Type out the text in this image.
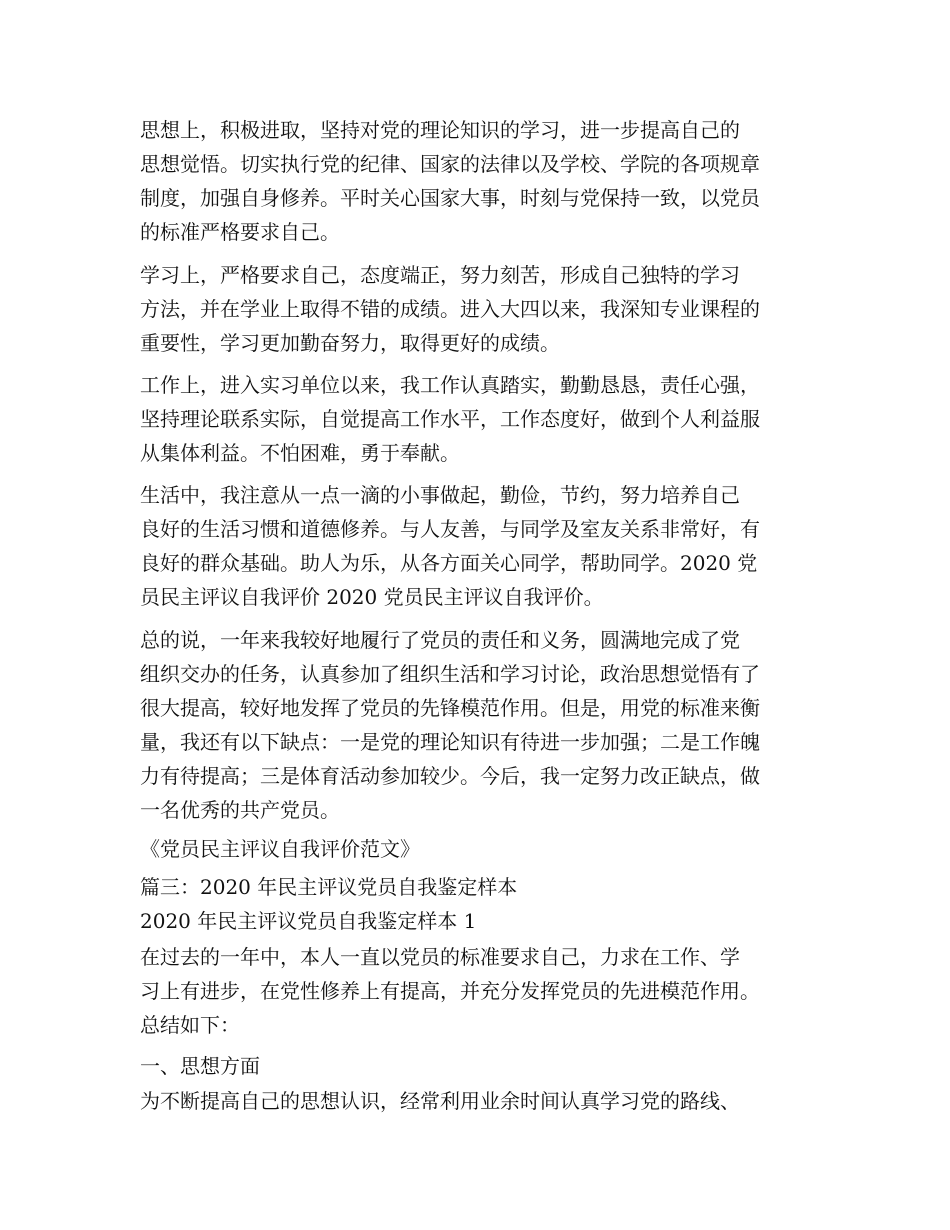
思想上，积极进取，坚持对党的理论知识的学习，进一步提高自己的
思想觉悟。切实执行党的纪律、国家的法律以及学校、学院的各项规章
制度，加强自身修养。平时关心国家大事，时刻与党保持一致，以党员
的标准严格要求自己。
学习上，严格要求自己，态度端正，努力刻苦，形成自己独特的学习
方法，并在学业上取得不错的成绩。进入大四以来，我深知专业课程的
重要性，学习更加勤奋努力，取得更好的成绩。
工作上，进入实习单位以来，我工作认真踏实，勤勤恳恳，责任心强，
坚持理论联系实际，自觉提高工作水平，工作态度好，做到个人利益服
从集体利益。不怕困难，勇于奉献。
生活中，我注意从一点一滴的小事做起，勤俭，节约，努力培养自己
良好的生活习惯和道德修养。与人友善，与同学及室友关系非常好，有
良好的群众基础。助人为乐，从各方面关心同学，帮助同学。2020 党
员民主评议自我评价 2020 党员民主评议自我评价。
总的说，一年来我较好地履行了党员的责任和义务，圆满地完成了党
组织交办的任务，认真参加了组织生活和学习讨论，政治思想觉悟有了
很大提高，较好地发挥了党员的先锋模范作用。但是，用党的标准来衡
量，我还有以下缺点：一是党的理论知识有待进一步加强；二是工作魄
力有待提高；三是体育活动参加较少。今后，我一定努力改正缺点，做
一名优秀的共产党员。
《党员民主评议自我评价范文》
篇三：2020 年民主评议党员自我鉴定样本
2020 年民主评议党员自我鉴定样本 1
在过去的一年中，本人一直以党员的标准要求自己，力求在工作、学
习上有进步，在党性修养上有提高，并充分发挥党员的先进模范作用。
总结如下：
一、思想方面
为不断提高自己的思想认识，经常利用业余时间认真学习党的路线、
